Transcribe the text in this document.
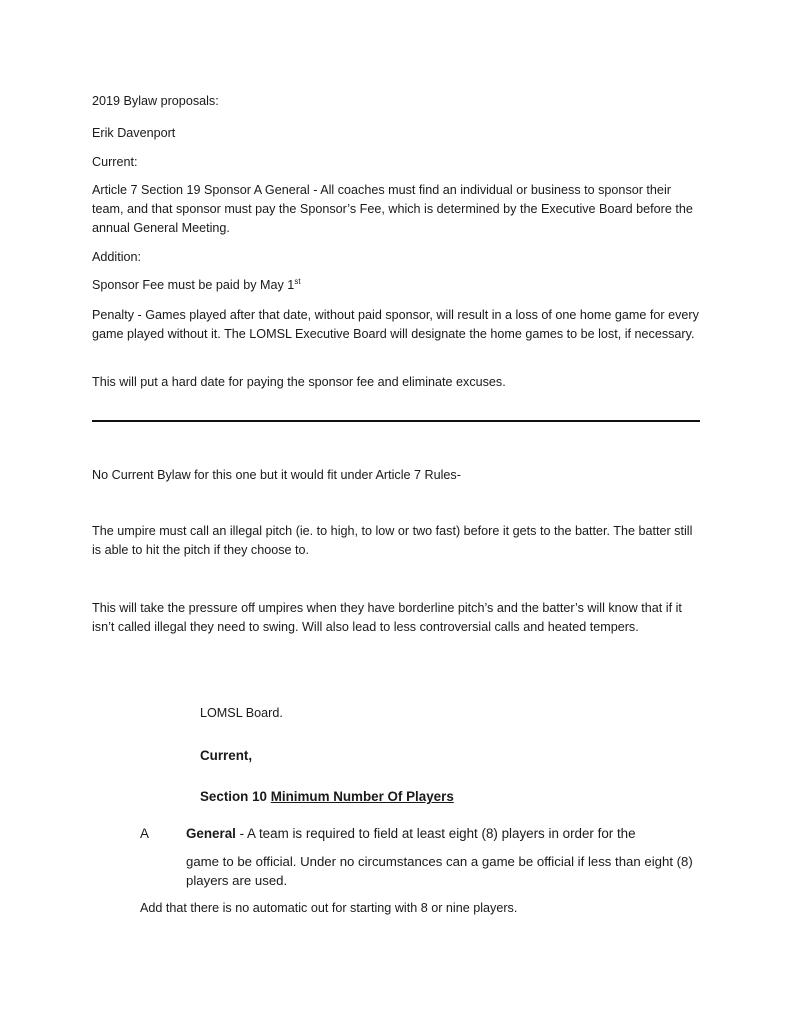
2019 Bylaw proposals:

Erik Davenport

Current:

Article 7 Section 19 Sponsor A General - All coaches must find an individual or business to sponsor their team, and that sponsor must pay the Sponsor’s Fee, which is determined by the Executive Board before the annual General Meeting.

Addition:

Sponsor Fee must be paid by May 1st

Penalty - Games played after that date, without paid sponsor, will result in a loss of one home game for every game played without it. The LOMSL Executive Board will designate the home games to be lost, if necessary.

This will put a hard date for paying the sponsor fee and eliminate excuses.

No Current Bylaw for this one but it would fit under Article 7 Rules-

The umpire must call an illegal pitch (ie. to high, to low or two fast) before it gets to the batter. The batter still is able to hit the pitch if they choose to.

This will take the pressure off umpires when they have borderline pitch’s and the batter’s will know that if it isn’t called illegal they need to swing. Will also lead to less controversial calls and heated tempers.

LOMSL Board.

Current,

Section 10 Minimum Number Of Players

A	General - A team is required to field at least eight (8) players in order for the
game to be official. Under no circumstances can a game be official if less than eight (8) players are used.

Add that there is no automatic out for starting with 8 or nine players.
